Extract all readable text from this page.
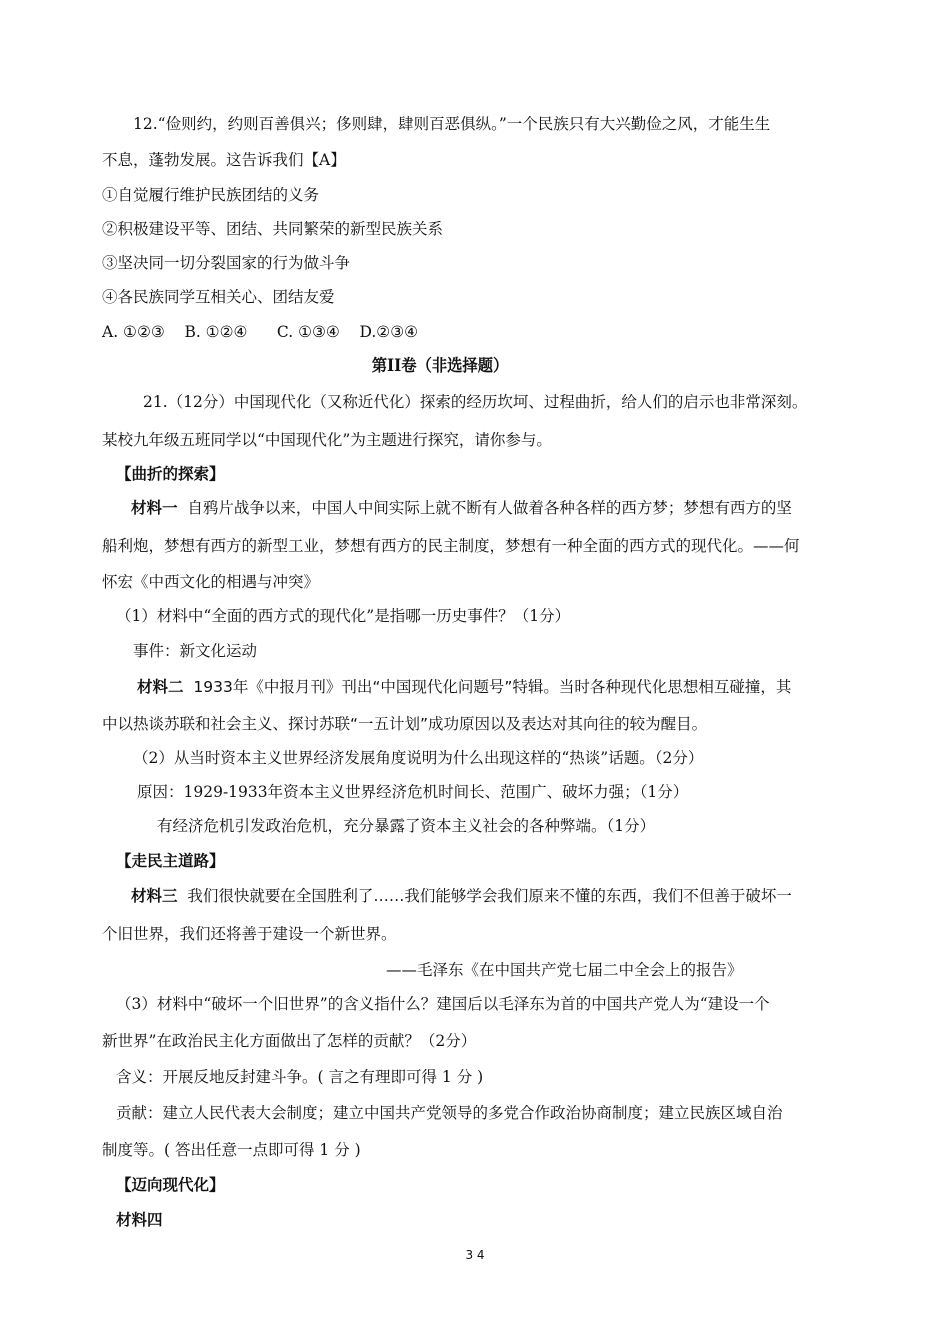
12.“俭则约，约则百善俱兴；侈则肆，肆则百恶俱纵。”一个民族只有大兴勤俭之风，才能生生
不息，蓬勃发展。这告诉我们【A】
①自觉履行维护民族团结的义务
②积极建设平等、团结、共同繁荣的新型民族关系
③坚决同一切分裂国家的行为做斗争
④各民族同学互相关心、团结友爱
A. ①②③    B. ①②④      C. ①③④    D.②③④
第II卷（非选择题）
21.（12分）中国现代化（又称近代化）探索的经历坎坷、过程曲折，给人们的启示也非常深刻。
某校九年级五班同学以“中国现代化”为主题进行探究，请你参与。
【曲折的探索】
材料一  自鸦片战争以来，中国人中间实际上就不断有人做着各种各样的西方梦；梦想有西方的坚
船利炮，梦想有西方的新型工业，梦想有西方的民主制度，梦想有一种全面的西方式的现代化。——何
怀宏《中西文化的相遇与冲突》
（1）材料中“全面的西方式的现代化”是指哪一历史事件？（1分）
事件：新文化运动
材料二  1933年《中报月刊》刊出“中国现代化问题号”特辑。当时各种现代化思想相互碰撞，其
中以热谈苏联和社会主义、探讨苏联“一五计划”成功原因以及表达对其向往的较为醒目。
（2）从当时资本主义世界经济发展角度说明为什么出现这样的“热谈”话题。（2分）
原因：1929-1933年资本主义世界经济危机时间长、范围广、破坏力强；（1分）
有经济危机引发政治危机，充分暴露了资本主义社会的各种弊端。（1分）
【走民主道路】
材料三  我们很快就要在全国胜利了……我们能够学会我们原来不懂的东西，我们不但善于破坏一
个旧世界，我们还将善于建设一个新世界。
——毛泽东《在中国共产党七届二中全会上的报告》
（3）材料中“破坏一个旧世界”的含义指什么？建国后以毛泽东为首的中国共产党人为“建设一个
新世界”在政治民主化方面做出了怎样的贡献？（2分）
含义：开展反地反封建斗争。( 言之有理即可得 1 分 )
贡献：建立人民代表大会制度；建立中国共产党领导的多党合作政治协商制度；建立民族区域自治
制度等。( 答出任意一点即可得 1 分 )
【迈向现代化】
材料四
3 4
